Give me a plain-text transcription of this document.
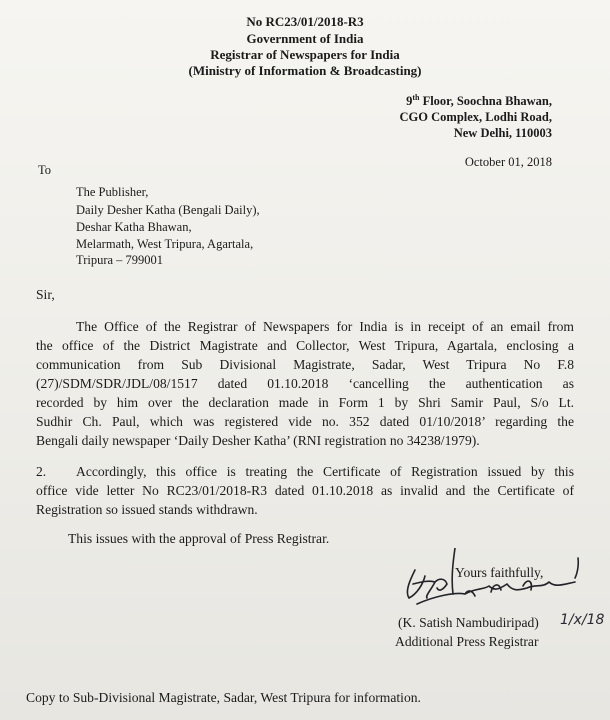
No RC23/01/2018-R3
Government of India
Registrar of Newspapers for India
(Ministry of Information & Broadcasting)
9th Floor, Soochna Bhawan,
CGO Complex, Lodhi Road,
New Delhi, 110003
October 01, 2018
To
The Publisher,
Daily Desher Katha (Bengali Daily),
Deshar Katha Bhawan,
Melarmath, West Tripura, Agartala,
Tripura – 799001
Sir,
The Office of the Registrar of Newspapers for India is in receipt of an email from
the office of the District Magistrate and Collector, West Tripura, Agartala, enclosing a
communication from Sub Divisional Magistrate, Sadar, West Tripura No F.8
(27)/SDM/SDR/JDL/08/1517 dated 01.10.2018 ‘cancelling the authentication as
recorded by him over the declaration made in Form 1 by Shri Samir Paul, S/o Lt.
Sudhir Ch. Paul, which was registered vide no. 352 dated 01/10/2018’ regarding the
Bengali daily newspaper ‘Daily Desher Katha’ (RNI registration no 34238/1979).
2. Accordingly, this office is treating the Certificate of Registration issued by this
office vide letter No RC23/01/2018-R3 dated 01.10.2018 as invalid and the Certificate of
Registration so issued stands withdrawn.
This issues with the approval of Press Registrar.
Yours faithfully,
1/x/18
(K. Satish Nambudiripad)
Additional Press Registrar
Copy to Sub-Divisional Magistrate, Sadar, West Tripura for information.
